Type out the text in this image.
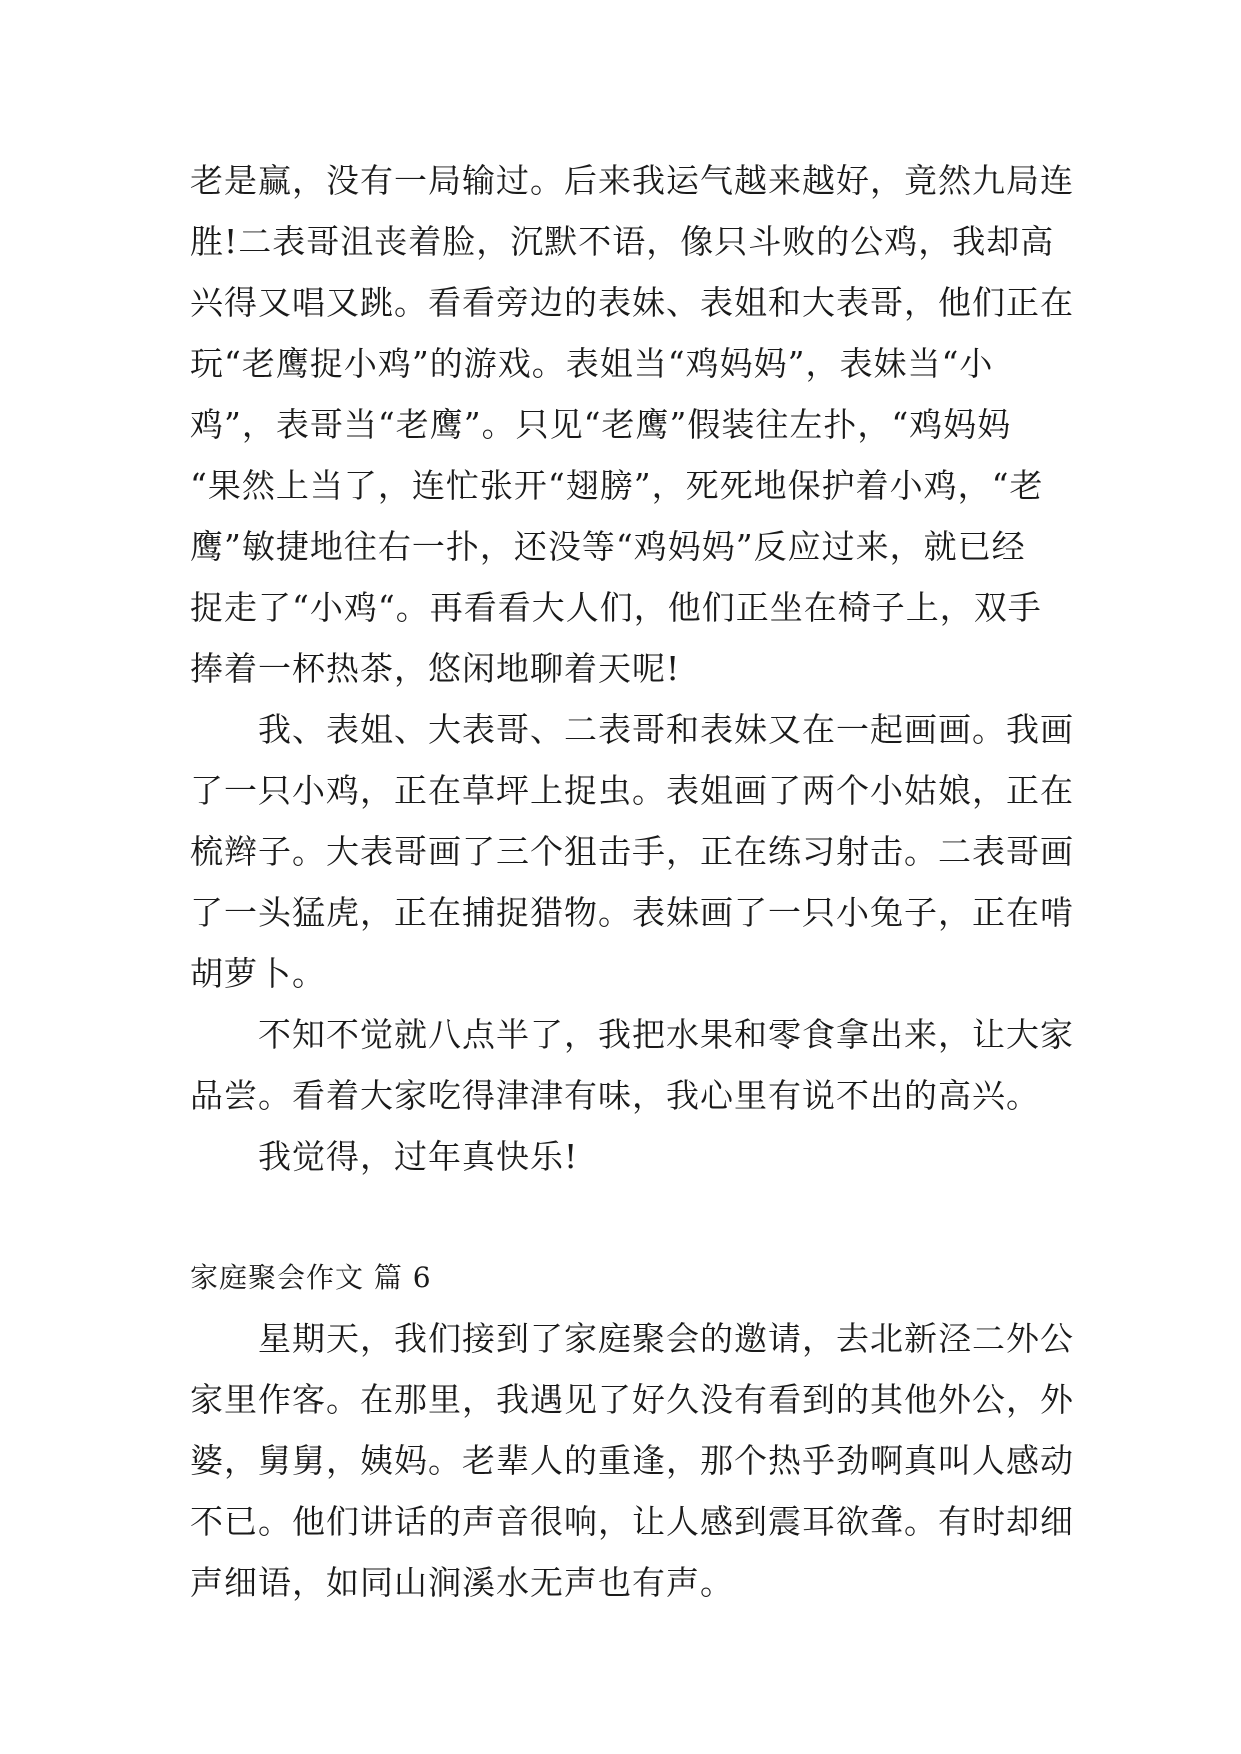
老是赢，没有一局输过。后来我运气越来越好，竟然九局连
胜!二表哥沮丧着脸，沉默不语，像只斗败的公鸡，我却高
兴得又唱又跳。看看旁边的表妹、表姐和大表哥，他们正在
玩“老鹰捉小鸡”的游戏。表姐当“鸡妈妈”，表妹当“小
鸡”，表哥当“老鹰”。只见“老鹰”假装往左扑，“鸡妈妈
“果然上当了，连忙张开“翅膀”，死死地保护着小鸡，“老
鹰”敏捷地往右一扑，还没等“鸡妈妈”反应过来，就已经
捉走了“小鸡“。再看看大人们，他们正坐在椅子上，双手
捧着一杯热茶，悠闲地聊着天呢!
我、表姐、大表哥、二表哥和表妹又在一起画画。我画
了一只小鸡，正在草坪上捉虫。表姐画了两个小姑娘，正在
梳辫子。大表哥画了三个狙击手，正在练习射击。二表哥画
了一头猛虎，正在捕捉猎物。表妹画了一只小兔子，正在啃
胡萝卜。
不知不觉就八点半了，我把水果和零食拿出来，让大家
品尝。看着大家吃得津津有味，我心里有说不出的高兴。
我觉得，过年真快乐!
家庭聚会作文 篇 6
星期天，我们接到了家庭聚会的邀请，去北新泾二外公
家里作客。在那里，我遇见了好久没有看到的其他外公，外
婆，舅舅，姨妈。老辈人的重逢，那个热乎劲啊真叫人感动
不已。他们讲话的声音很响，让人感到震耳欲聋。有时却细
声细语，如同山涧溪水无声也有声。
